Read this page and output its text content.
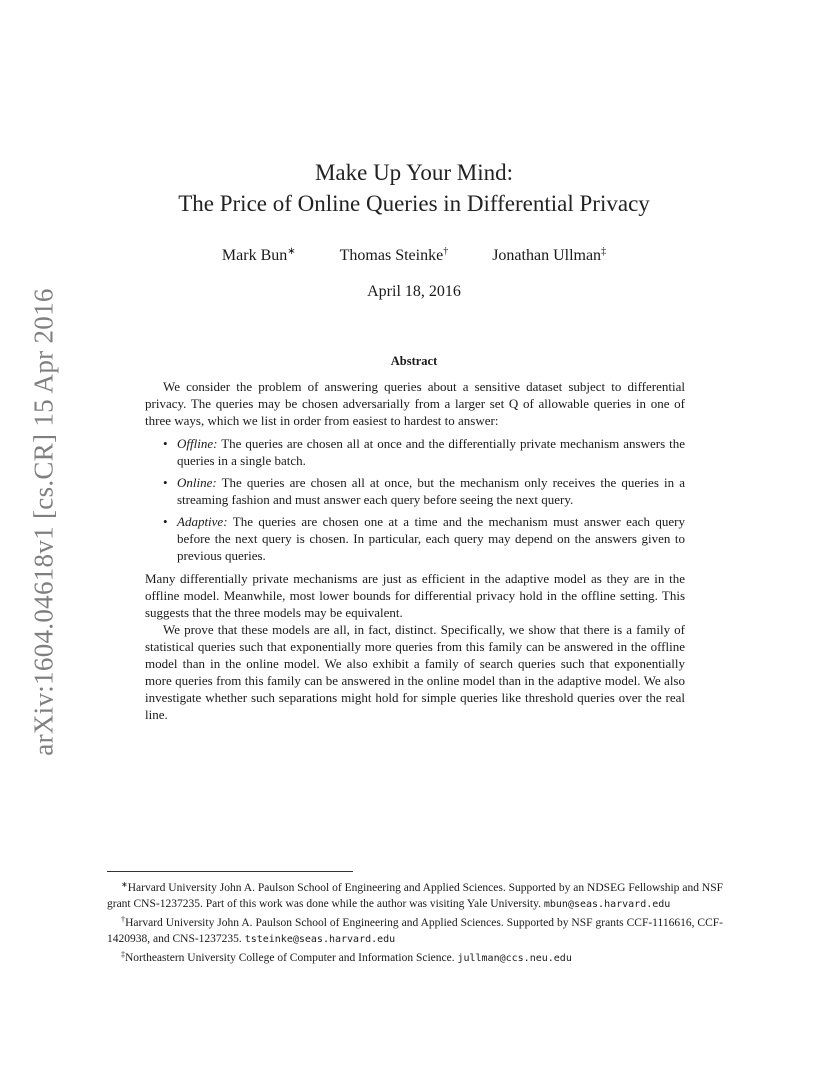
arXiv:1604.04618v1 [cs.CR] 15 Apr 2016
Make Up Your Mind:
The Price of Online Queries in Differential Privacy
Mark Bun∗	Thomas Steinke†	Jonathan Ullman‡
April 18, 2016
Abstract

We consider the problem of answering queries about a sensitive dataset subject to differential privacy. The queries may be chosen adversarially from a larger set Q of allowable queries in one of three ways, which we list in order from easiest to hardest to answer:

• Offline: The queries are chosen all at once and the differentially private mechanism answers the queries in a single batch.
• Online: The queries are chosen all at once, but the mechanism only receives the queries in a streaming fashion and must answer each query before seeing the next query.
• Adaptive: The queries are chosen one at a time and the mechanism must answer each query before the next query is chosen. In particular, each query may depend on the answers given to previous queries.

Many differentially private mechanisms are just as efficient in the adaptive model as they are in the offline model. Meanwhile, most lower bounds for differential privacy hold in the offline setting. This suggests that the three models may be equivalent.

We prove that these models are all, in fact, distinct. Specifically, we show that there is a family of statistical queries such that exponentially more queries from this family can be answered in the offline model than in the online model. We also exhibit a family of search queries such that exponentially more queries from this family can be answered in the online model than in the adaptive model. We also investigate whether such separations might hold for simple queries like threshold queries over the real line.

∗Harvard University John A. Paulson School of Engineering and Applied Sciences. Supported by an NDSEG Fellowship and NSF grant CNS-1237235. Part of this work was done while the author was visiting Yale University. mbun@seas.harvard.edu

†Harvard University John A. Paulson School of Engineering and Applied Sciences. Supported by NSF grants CCF-1116616, CCF-1420938, and CNS-1237235. tsteinke@seas.harvard.edu

‡Northeastern University College of Computer and Information Science. jullman@ccs.neu.edu
